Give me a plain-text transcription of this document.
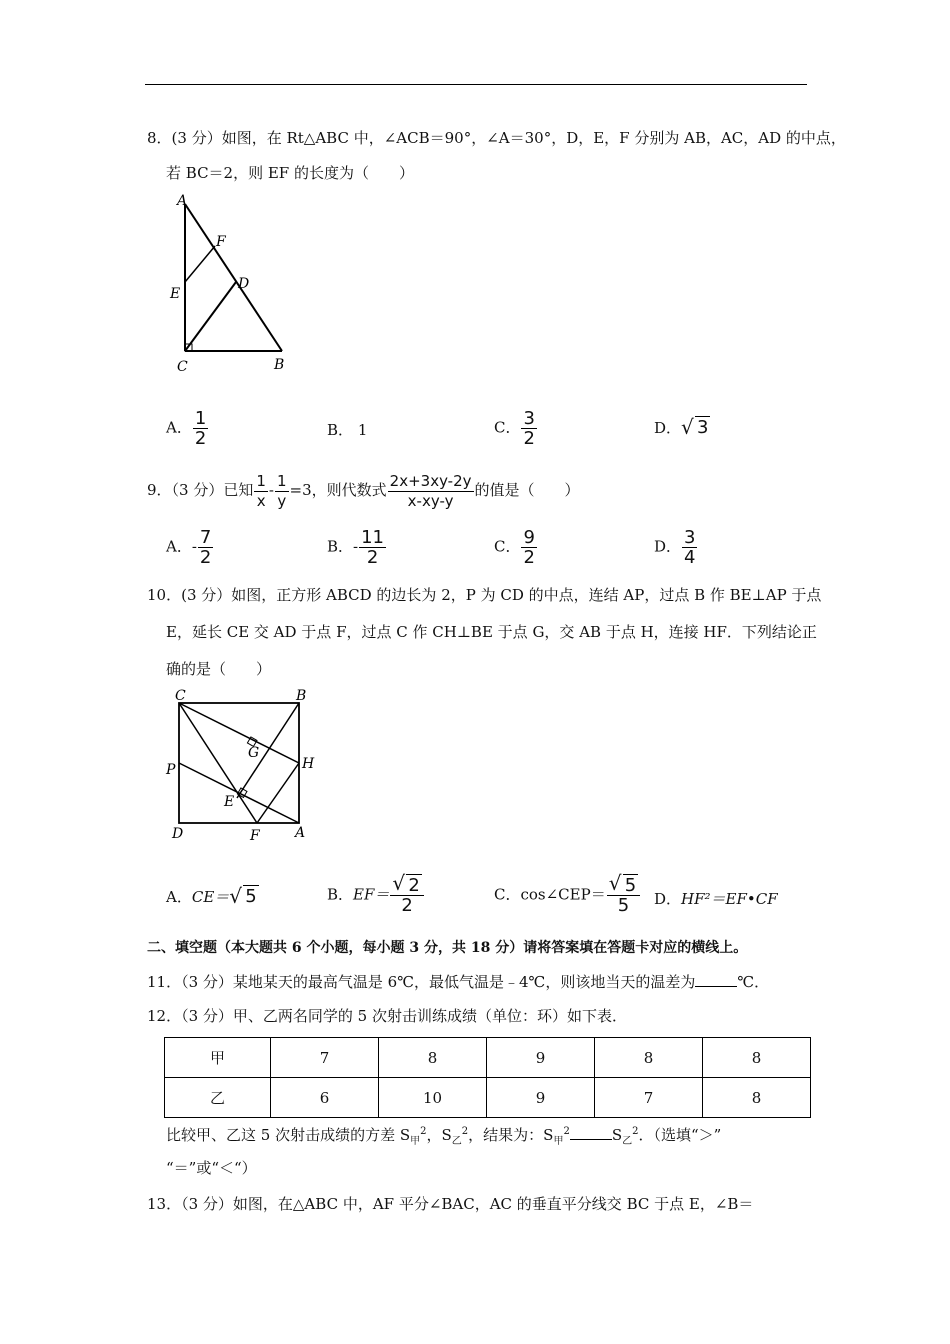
8．(3 分）如图，在 Rt△ABC 中，∠ACB＝90°，∠A＝30°，D，E，F 分别为 AB，AC，AD 的中点，
若 BC＝2，则 EF 的长度为（　　）
A
F
D
E
C	B
A． $\frac{1}{2}$	B． 1	C． $\frac{3}{2}$	D． √ 3
9．（3 分）已知 $\frac{1}{x} - \frac{1}{y} =3$，则代数式 $\frac{2x+3xy-2y}{x-xy-y}$ 的值是（　　）
A．- $\frac{7}{2}$	B．- $\frac{11}{2}$	C． $\frac{9}{2}$	D． $\frac{3}{4}$
10．(3 分）如图，正方形 ABCD 的边长为 2，P 为 CD 的中点，连结 AP，过点 B 作 BE⊥AP 于点
E，延长 CE 交 AD 于点 F，过点 C 作 CH⊥BE 于点 G，交 AB 于点 H，连接 HF．下列结论正
确的是（　　）
C	B
G
H
P
E
D	F	A
A．CE＝ √ 5	B．EF＝ √ $\frac{2}{2}$	C．cos∠CEP＝ √ $\frac{5}{5}$ D．HF²＝EF•CF
二、填空题（本大题共 6 个小题，每小题 3 分，共 18 分）请将答案填在答题卡对应的横线上。
11．（3 分）某地某天的最高气温是 6℃，最低气温是﹣4℃，则该地当天的温差为	℃．
12．（3 分）甲、乙两名同学的 5 次射击训练成绩（单位：环）如下表．
甲	7	8	9	8	8
乙	6	10	9	7	8
比较甲、乙这 5 次射击成绩的方差 $S_甲^2$，$S_乙^2$，结果为：$S_甲^2$	$S_乙^2$．（选填“＞”
“＝”或“＜“）
13．（3 分）如图，在△ABC 中，AF 平分∠BAC，AC 的垂直平分线交 BC 于点 E，∠B＝
